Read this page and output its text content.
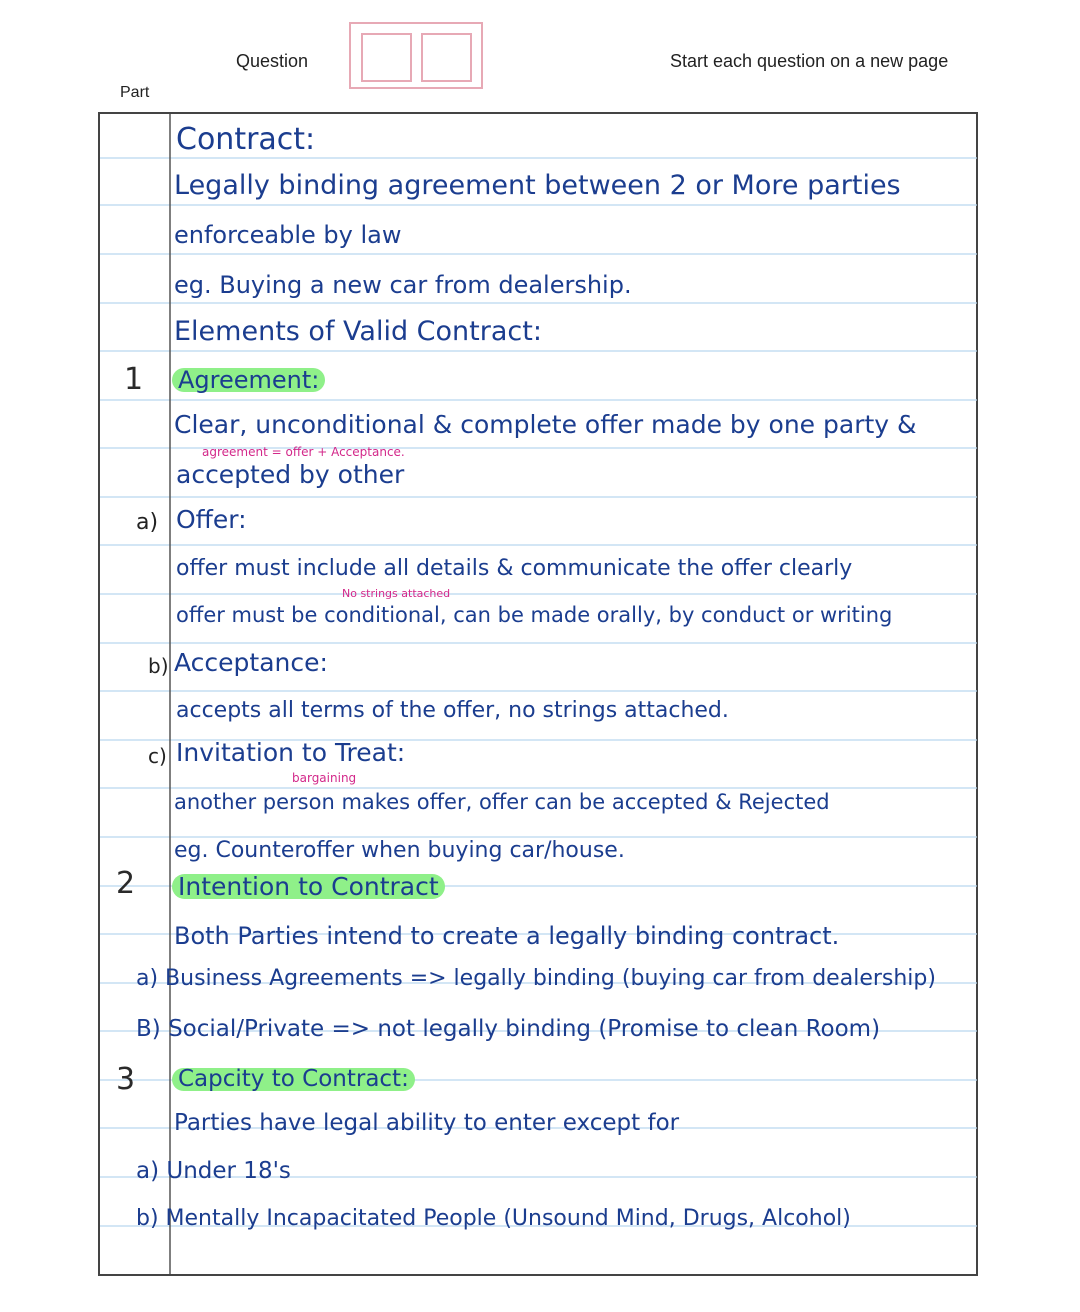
Part
Question	Start each question on a new page
Contract:
Legally binding agreement between 2 or More parties
enforceable by law
eg. Buying a new car from dealership.
Elements of Valid Contract:
1 Agreement:
Clear, unconditional & complete offer made by one party &
agreement = offer + Acceptance.
accepted by other
a) Offer:
offer must include all details & communicate the offer clearly
No strings attached
offer must be conditional, can be made orally, by conduct or writing
b) Acceptance:
accepts all terms of the offer, no strings attached.
c) Invitation to Treat:
bargaining
another person makes offer, offer can be accepted & Rejected
eg. Counteroffer when buying car/house.
2 Intention to Contract
Both Parties intend to create a legally binding contract.
a) Business Agreements => legally binding (buying car from dealership)
B) Social/Private => not legally binding (Promise to clean Room)
3 Capcity to Contract:
Parties have legal ability to enter except for
a) Under 18's
b) Mentally Incapacitated People (Unsound Mind, Drugs, Alcohol)
